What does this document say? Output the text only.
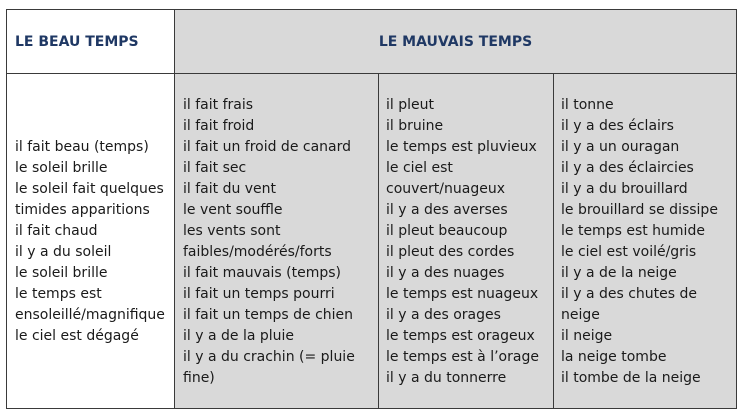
LE BEAU TEMPS	LE MAUVAIS TEMPS
il fait beau (temps)
le soleil brille
le soleil fait quelques
timides apparitions
il fait chaud
il y a du soleil
le soleil brille
le temps est
ensoleillé/magnifique
le ciel est dégagé
il fait frais
il fait froid
il fait un froid de canard
il fait sec
il fait du vent
le vent souffle
les vents sont
faibles/modérés/forts
il fait mauvais (temps)
il fait un temps pourri
il fait un temps de chien
il y a de la pluie
il y a du crachin (= pluie
fine)
il pleut
il bruine
le temps est pluvieux
le ciel est
couvert/nuageux
il y a des averses
il pleut beaucoup
il pleut des cordes
il y a des nuages
le temps est nuageux
il y a des orages
le temps est orageux
le temps est à l’orage
il y a du tonnerre
il tonne
il y a des éclairs
il y a un ouragan
il y a des éclaircies
il y a du brouillard
le brouillard se dissipe
le temps est humide
le ciel est voilé/gris
il y a de la neige
il y a des chutes de
neige
il neige
la neige tombe
il tombe de la neige
